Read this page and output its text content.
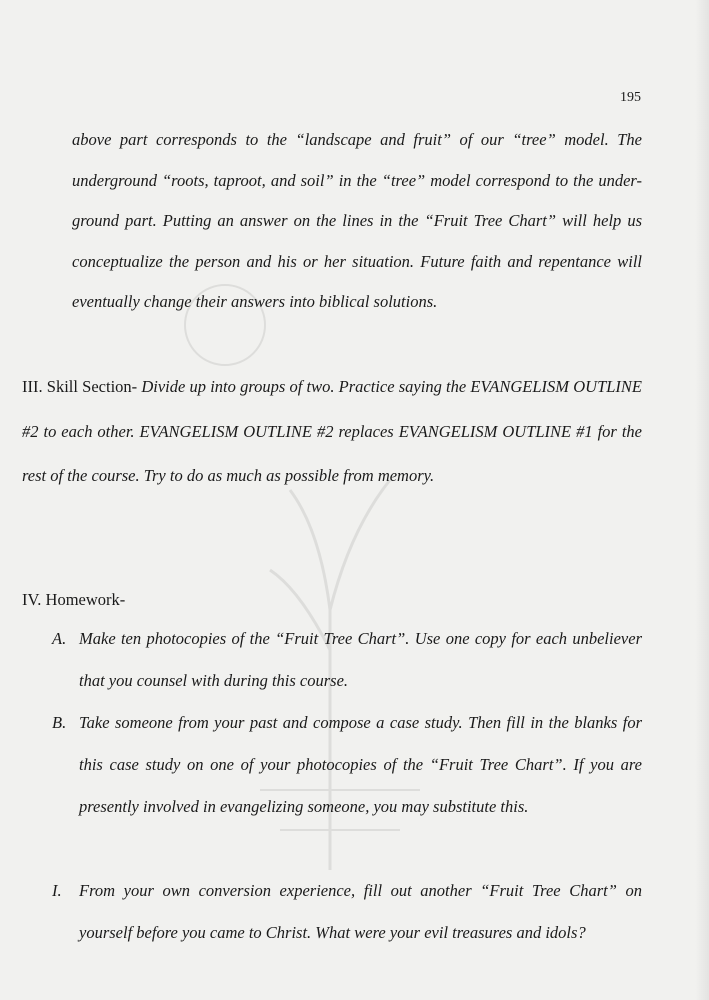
195

above part corresponds to the “landscape and fruit” of our “tree” model. The underground “roots, taproot, and soil” in the “tree” model correspond to the under-ground part. Putting an answer on the lines in the “Fruit Tree Chart” will help us conceptualize the person and his or her situation. Future faith and repentance will eventually change their answers into biblical solutions.

III. Skill Section- Divide up into groups of two. Practice saying the EVANGELISM OUTLINE #2 to each other. EVANGELISM OUTLINE #2 replaces EVANGELISM OUTLINE #1 for the rest of the course. Try to do as much as possible from memory.

IV. Homework-
A. Make ten photocopies of the “Fruit Tree Chart”. Use one copy for each unbeliever that you counsel with during this course.
B. Take someone from your past and compose a case study. Then fill in the blanks for this case study on one of your photocopies of the “Fruit Tree Chart”. If you are presently involved in evangelizing someone, you may substitute this.
I. From your own conversion experience, fill out another “Fruit Tree Chart” on yourself before you came to Christ. What were your evil treasures and idols?
